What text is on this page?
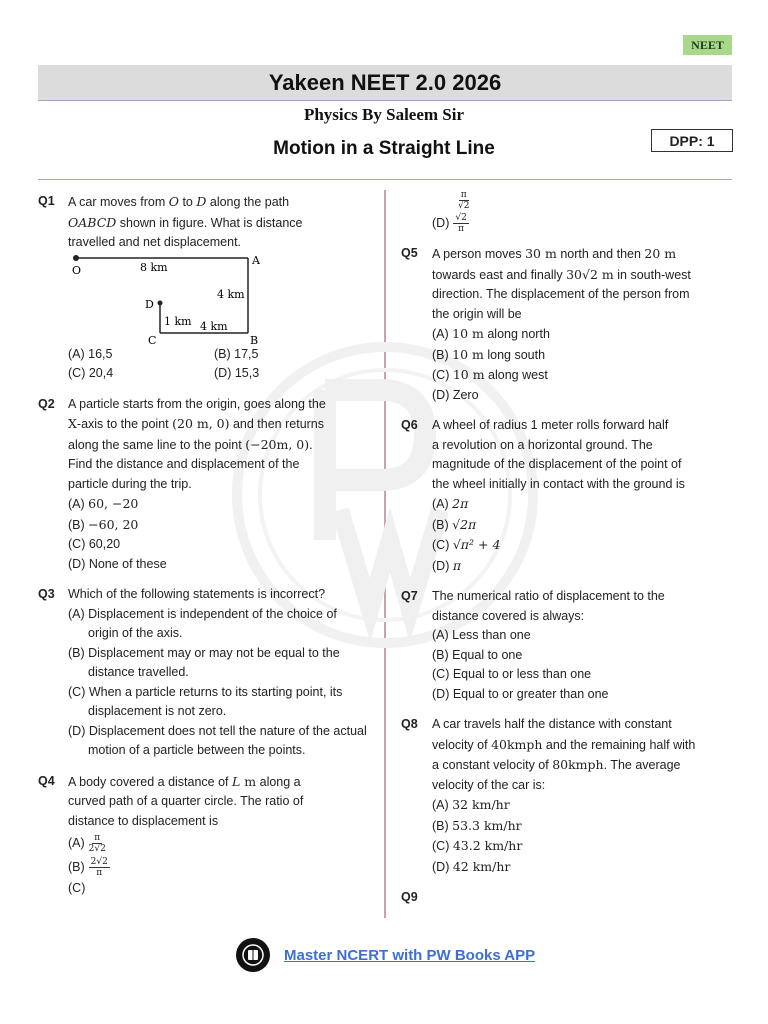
NEET
Yakeen NEET 2.0 2026
Physics By Saleem Sir
Motion in a Straight Line	DPP: 1
Q1 A car moves from O to D along the path
OABCD shown in figure. What is distance
travelled and net displacement.
O
A
B
C
D
8 km
4 km
4 km
1 km
(A) 16,5	(B) 17,5
(C) 20,4	(D) 15,3
Q2 A particle starts from the origin, goes along the
X-axis to the point (20 m, 0) and then returns
along the same line to the point (−20m, 0).
Find the distance and displacement of the
particle during the trip.
(A) 60, −20
(B) −60, 20
(C) 60,20
(D) None of these
Q3 Which of the following statements is incorrect?
(A) Displacement is independent of the choice of origin of the axis.
(B) Displacement may or may not be equal to the distance travelled.
(C) When a particle returns to its starting point, its displacement is not zero.
(D) Displacement does not tell the nature of the actual motion of a particle between the points.
Q4 A body covered a distance of L m along a
curved path of a quarter circle. The ratio of
distance to displacement is
$(A) \frac{\pi}{2√2}$
$(B) \frac{2√2}{\pi}$
(C)
$\frac{\pi}{√2}$
$(D) \frac{√2}{\pi}$
Q5 A person moves 30 m north and then 20 m
towards east and finally 30√2 m in south-west
direction. The displacement of the person from
the origin will be
(A) 10 m along north
(B) 10 m long south
(C) 10 m along west
(D) Zero
Q6 A wheel of radius 1 meter rolls forward half
a revolution on a horizontal ground. The
magnitude of the displacement of the point of
the wheel initially in contact with the ground is
(A) 2π
(B) √2π
(C) √π² + 4
(D) π
Q7 The numerical ratio of displacement to the
distance covered is always:
(A) Less than one
(B) Equal to one
(C) Equal to or less than one
(D) Equal to or greater than one
Q8 A car travels half the distance with constant
velocity of 40kmph and the remaining half with
a constant velocity of 80kmph. The average
velocity of the car is:
(A) 32 km/hr
(B) 53.3 km/hr
(C) 43.2 km/hr
(D) 42 km/hr
Q9

Master NCERT with PW Books APP
